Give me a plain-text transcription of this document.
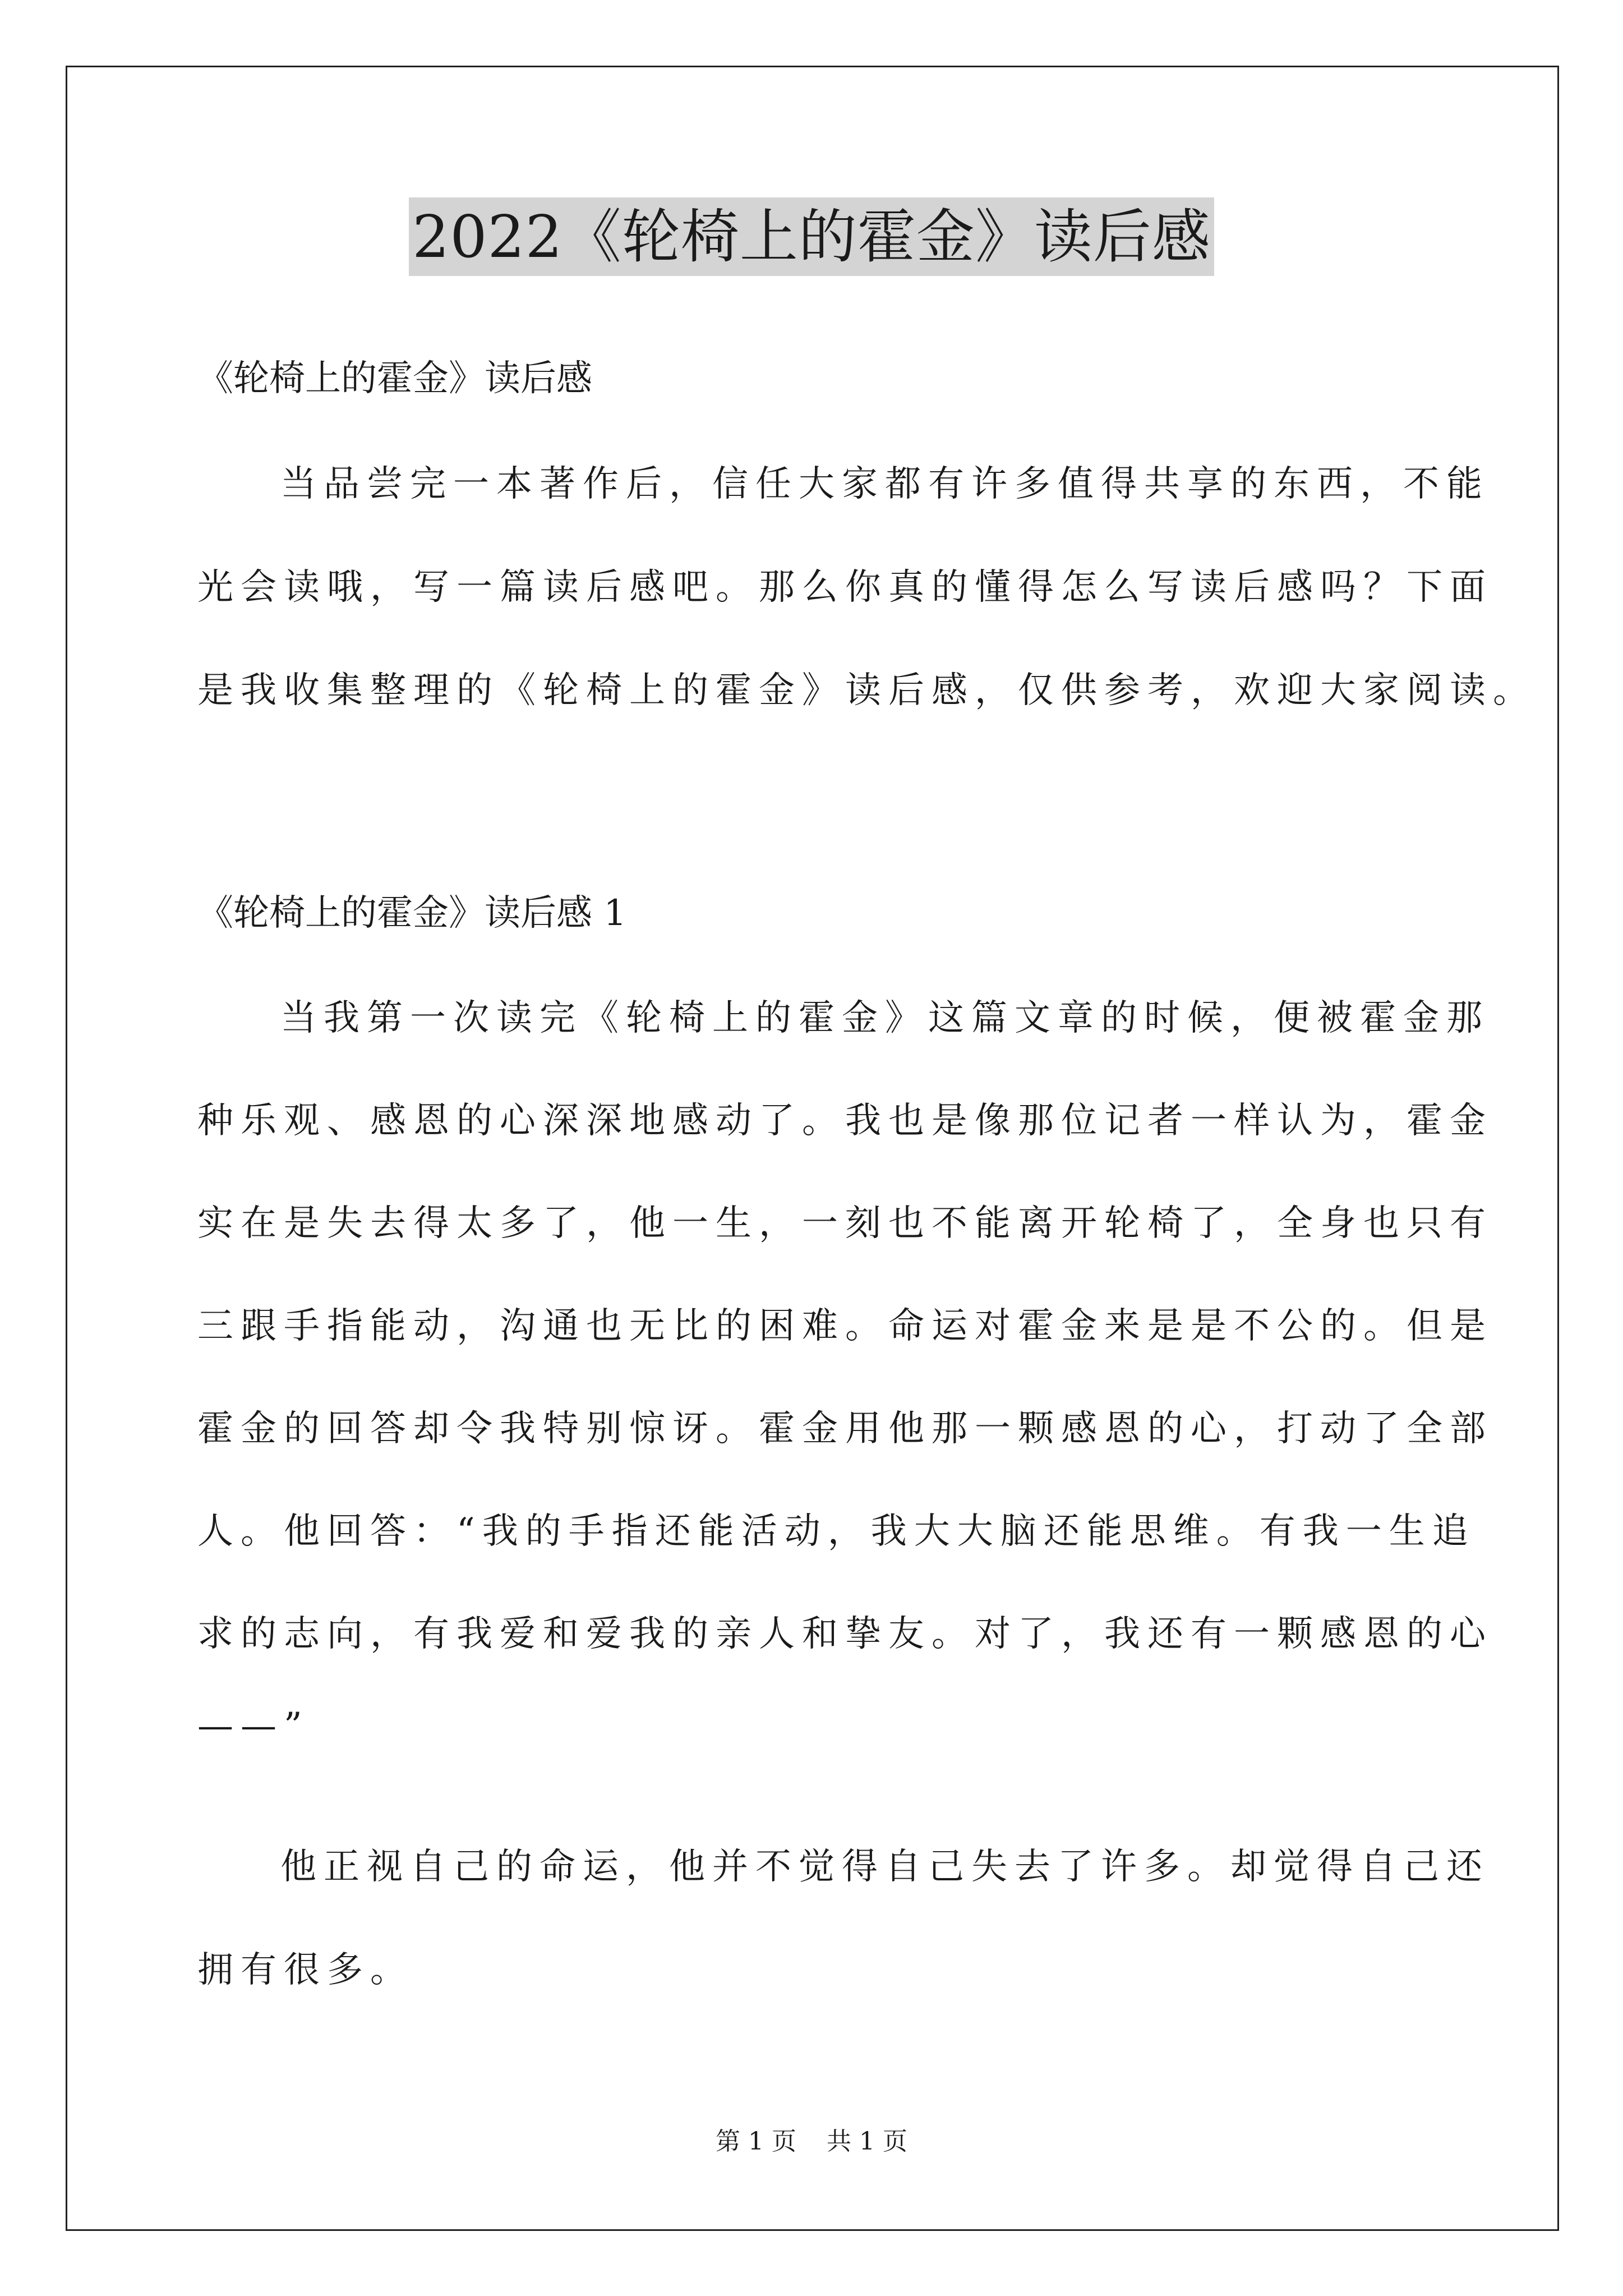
2022《轮椅上的霍金》读后感
《轮椅上的霍金》读后感
当品尝完一本著作后，信任大家都有许多值得共享的东西，不能
光会读哦，写一篇读后感吧。那么你真的懂得怎么写读后感吗？下面
是我收集整理的《轮椅上的霍金》读后感，仅供参考，欢迎大家阅读。
《轮椅上的霍金》读后感 1
当我第一次读完《轮椅上的霍金》这篇文章的时候，便被霍金那
种乐观、感恩的心深深地感动了。我也是像那位记者一样认为，霍金
实在是失去得太多了，他一生，一刻也不能离开轮椅了，全身也只有
三跟手指能动，沟通也无比的困难。命运对霍金来是是不公的。但是
霍金的回答却令我特别惊讶。霍金用他那一颗感恩的心，打动了全部
人。他回答：“我的手指还能活动，我大大脑还能思维。有我一生追
求的志向，有我爱和爱我的亲人和挚友。对了，我还有一颗感恩的心
——”
他正视自己的命运，他并不觉得自己失去了许多。却觉得自己还
拥有很多。
第 1 页 共 1 页
